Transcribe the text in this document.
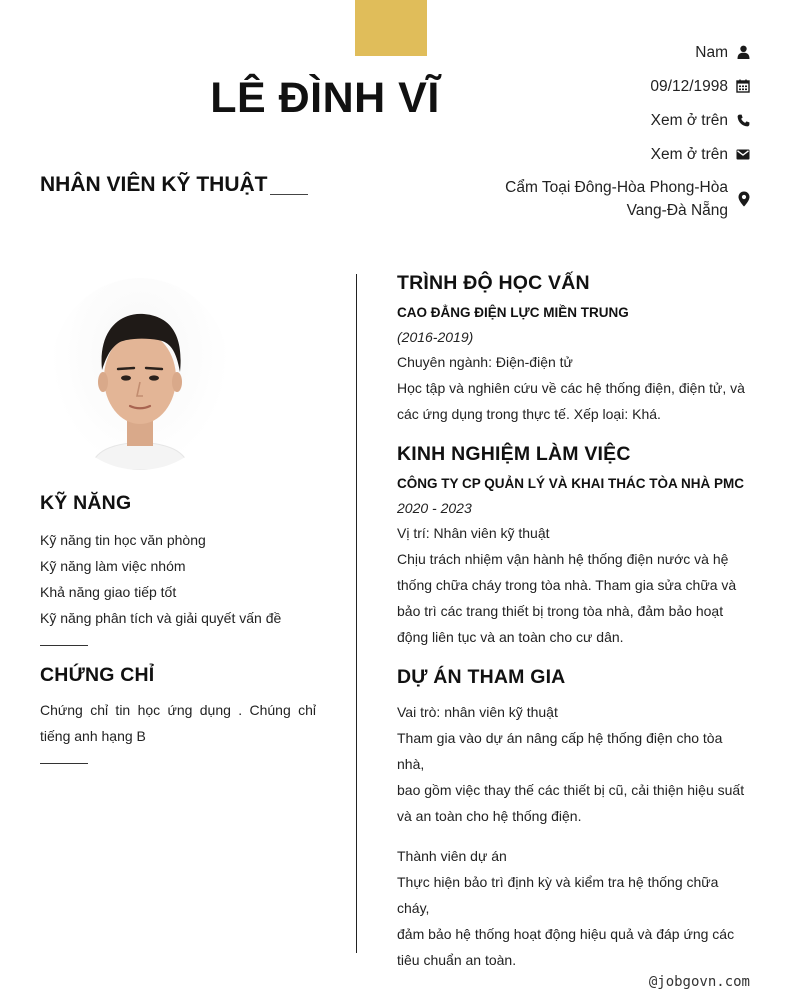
LÊ ĐÌNH VĨ
NHÂN VIÊN KỸ THUẬT
Nam
09/12/1998
Xem ở trên
Xem ở trên
Cẩm Toại Đông-Hòa Phong-Hòa Vang-Đà Nẵng
KỸ NĂNG
Kỹ năng tin học văn phòng
Kỹ năng làm việc nhóm
Khả năng giao tiếp tốt
Kỹ năng phân tích và giải quyết vấn đề
CHỨNG CHỈ

Chứng chỉ tin học ứng dụng . Chúng chỉ tiếng anh hạng B

TRÌNH ĐỘ HỌC VẤN

CAO ĐẲNG ĐIỆN LỰC MIỀN TRUNG

(2016-2019)

Chuyên ngành: Điện-điện tử

Học tập và nghiên cứu về các hệ thống điện, điện tử, và

các ứng dụng trong thực tế. Xếp loại: Khá.

KINH NGHIỆM LÀM VIỆC

CÔNG TY CP QUẢN LÝ VÀ KHAI THÁC TÒA NHÀ PMC

2020 - 2023

Vị trí: Nhân viên kỹ thuật

Chịu trách nhiệm vận hành hệ thống điện nước và hệ

thống chữa cháy trong tòa nhà. Tham gia sửa chữa và

bảo trì các trang thiết bị trong tòa nhà, đảm bảo hoạt

động liên tục và an toàn cho cư dân.

DỰ ÁN THAM GIA

Vai trò: nhân viên kỹ thuật

Tham gia vào dự án nâng cấp hệ thống điện cho tòa nhà,

bao gồm việc thay thế các thiết bị cũ, cải thiện hiệu suất

và an toàn cho hệ thống điện.

Thành viên dự án

Thực hiện bảo trì định kỳ và kiểm tra hệ thống chữa cháy,

đảm bảo hệ thống hoạt động hiệu quả và đáp ứng các

tiêu chuẩn an toàn.

@jobgovn.com
